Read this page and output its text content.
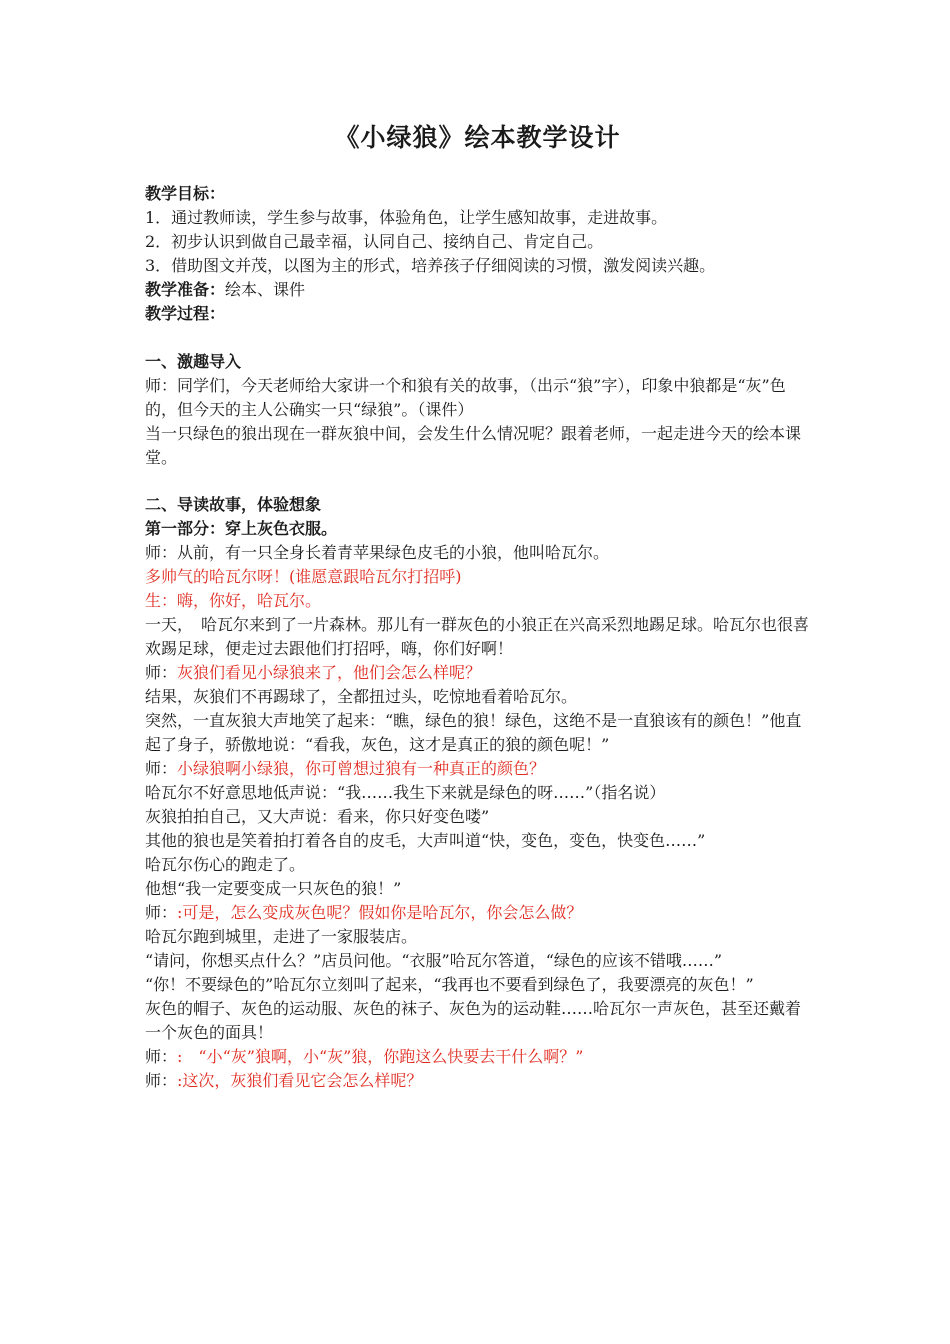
《小绿狼》绘本教学设计

教学目标：

1．通过教师读，学生参与故事，体验角色，让学生感知故事，走进故事。

2．初步认识到做自己最幸福，认同自己、接纳自己、肯定自己。

3．借助图文并茂，以图为主的形式，培养孩子仔细阅读的习惯，激发阅读兴趣。

教学准备：绘本、课件

教学过程：

一、激趣导入

师：同学们，今天老师给大家讲一个和狼有关的故事，（出示“狼”字），印象中狼都是“灰”色的，但今天的主人公确实一只“绿狼”。（课件）

当一只绿色的狼出现在一群灰狼中间，会发生什么情况呢？跟着老师，一起走进今天的绘本课堂。

二、导读故事，体验想象

第一部分：穿上灰色衣服。

师：从前，有一只全身长着青苹果绿色皮毛的小狼，他叫哈瓦尔。

多帅气的哈瓦尔呀！(谁愿意跟哈瓦尔打招呼)

生：嗨，你好，哈瓦尔。

一天，　哈瓦尔来到了一片森林。那儿有一群灰色的小狼正在兴高采烈地踢足球。哈瓦尔也很喜欢踢足球，便走过去跟他们打招呼，嗨，你们好啊！

师：灰狼们看见小绿狼来了，他们会怎么样呢？

结果，灰狼们不再踢球了，全都扭过头，吃惊地看着哈瓦尔。

突然，一直灰狼大声地笑了起来：“瞧，绿色的狼！绿色，这绝不是一直狼该有的颜色！”他直起了身子，骄傲地说：“看我，灰色，这才是真正的狼的颜色呢！”

师：小绿狼啊小绿狼，你可曾想过狼有一种真正的颜色？

哈瓦尔不好意思地低声说：“我……我生下来就是绿色的呀……”（指名说）

灰狼拍拍自己，又大声说：看来，你只好变色喽”

其他的狼也是笑着拍打着各自的皮毛，大声叫道“快，变色，变色，快变色……”

哈瓦尔伤心的跑走了。

他想“我一定要变成一只灰色的狼！”

师：:可是，怎么变成灰色呢？假如你是哈瓦尔，你会怎么做？

哈瓦尔跑到城里，走进了一家服装店。

“请问，你想买点什么？”店员问他。“衣服”哈瓦尔答道，“绿色的应该不错哦……”

“你！不要绿色的”哈瓦尔立刻叫了起来，“我再也不要看到绿色了，我要漂亮的灰色！”

灰色的帽子、灰色的运动服、灰色的袜子、灰色为的运动鞋……哈瓦尔一声灰色，甚至还戴着一个灰色的面具！

师：:　“小“灰”狼啊，小“灰”狼，你跑这么快要去干什么啊？”

师：:这次，灰狼们看见它会怎么样呢？
